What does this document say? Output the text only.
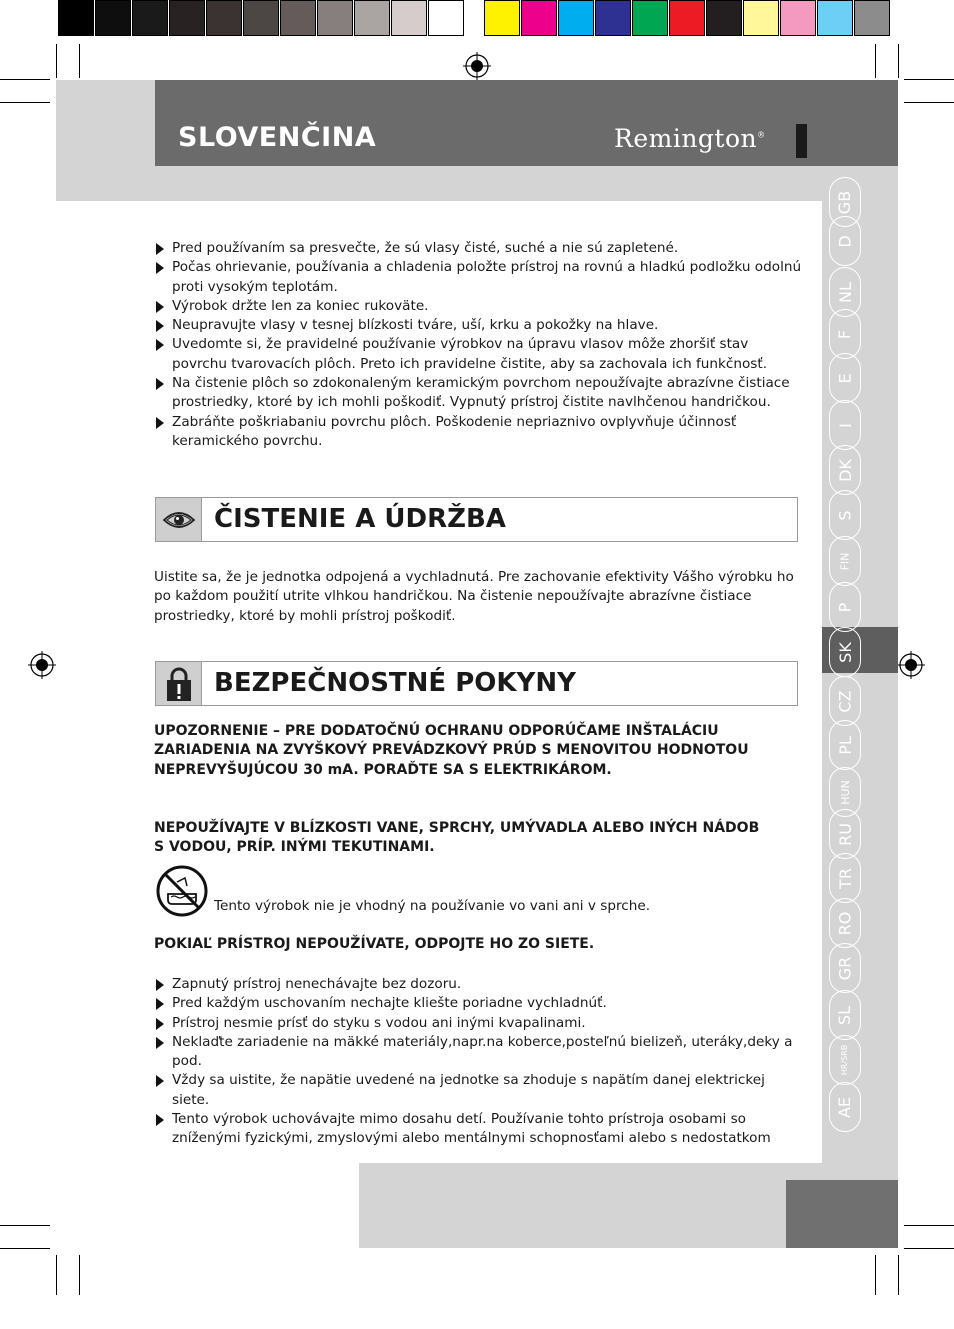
SLOVENČINA	Remington®
GB
D
NL
F
E
I
DK
S
FIN
P
SK
CZ
PL
HUN
RU
TR
RO
GR
SL
HR/SRB
AE
Pred používaním sa presvečte, že sú vlasy čisté, suché a nie sú zapletené.
Počas ohrievanie, používania a chladenia položte prístroj na rovnú a hladkú podložku odolnú proti vysokým teplotám.
Výrobok držte len za koniec rukoväte.
Neupravujte vlasy v tesnej blízkosti tváre, uší, krku a pokožky na hlave.
Uvedomte si, že pravidelné používanie výrobkov na úpravu vlasov môže zhoršiť stav povrchu tvarovacích plôch. Preto ich pravidelne čistite, aby sa zachovala ich funkčnosť.
Na čistenie plôch so zdokonaleným keramickým povrchom nepoužívajte abrazívne čistiace prostriedky, ktoré by ich mohli poškodiť. Vypnutý prístroj čistite navlhčenou handričkou.
Zabráňte poškriabaniu povrchu plôch. Poškodenie nepriaznivo ovplyvňuje účinnosť keramického povrchu.
ČISTENIE A ÚDRŽBA
Uistite sa, že je jednotka odpojená a vychladnutá. Pre zachovanie efektivity Vášho výrobku ho po každom použití utrite vlhkou handričkou. Na čistenie nepoužívajte abrazívne čistiace prostriedky, ktoré by mohli prístroj poškodiť.
BEZPEČNOSTNÉ POKYNY
UPOZORNENIE – PRE DODATOČNÚ OCHRANU ODPORÚČAME INŠTALÁCIU ZARIADENIA NA ZVYŠKOVÝ PREVÁDZKOVÝ PRÚD S MENOVITOU HODNOTOU NEPREVYŠUJÚCOU 30 mA. PORAĎTE SA S ELEKTRIKÁROM.
NEPOUŽÍVAJTE V BLÍZKOSTI VANE, SPRCHY, UMÝVADLA ALEBO INÝCH NÁDOB S VODOU, PRÍP. INÝMI TEKUTINAMI.
Tento výrobok nie je vhodný na používanie vo vani ani v sprche.
POKIAĽ PRÍSTROJ NEPOUŽÍVATE, ODPOJTE HO ZO SIETE.
Zapnutý prístroj nenechávajte bez dozoru.
Pred každým uschovaním nechajte kliešte poriadne vychladnúť.
Prístroj nesmie prísť do styku s vodou ani inými kvapalinami.
Neklaďte zariadenie na mäkké materiály,napr.na koberce,posteľnú bielizeň, uteráky,deky a pod.
Vždy sa uistite, že napätie uvedené na jednotke sa zhoduje s napätím danej elektrickej siete.
Tento výrobok uchovávajte mimo dosahu detí. Používanie tohto prístroja osobami so zníženými fyzickými, zmyslovými alebo mentálnymi schopnosťami alebo s nedostatkom
